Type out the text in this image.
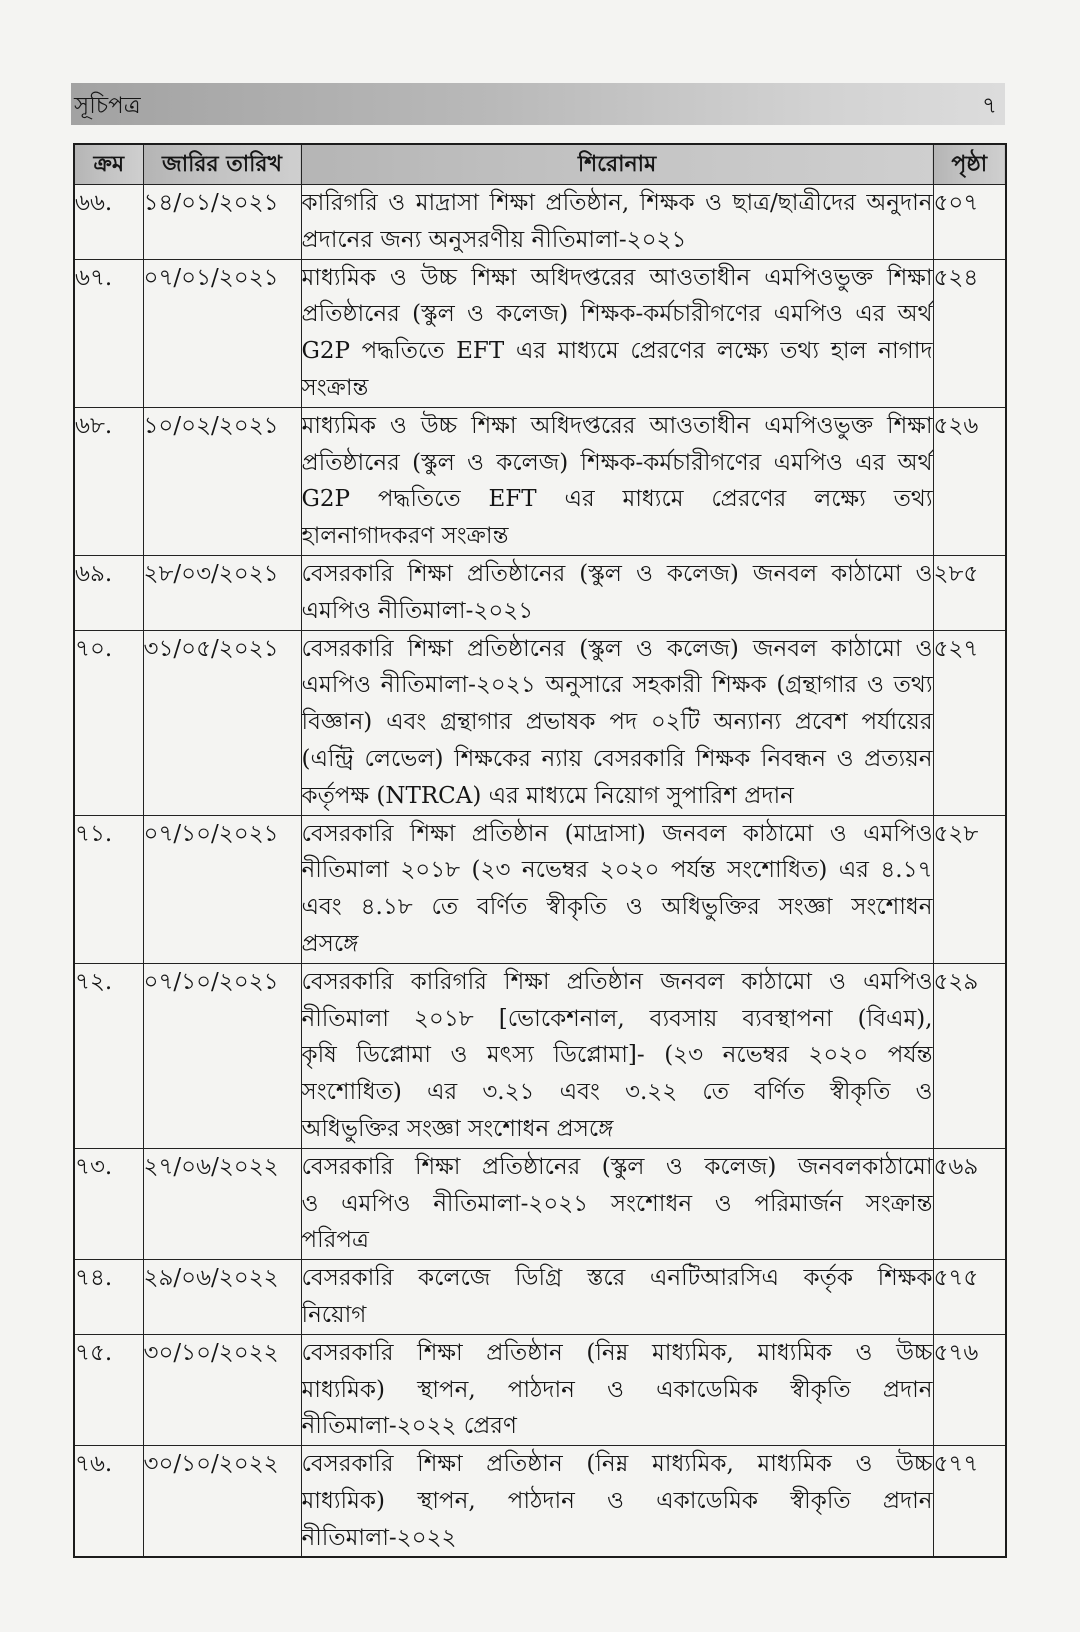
সূচিপত্র	৭
ক্রম	জারির তারিখ	শিরোনাম	পৃষ্ঠা
৬৬.	১৪/০১/২০২১	কারিগরি ও মাদ্রাসা শিক্ষা প্রতিষ্ঠান, শিক্ষক ও ছাত্র/ছাত্রীদের অনুদান
প্রদানের জন্য অনুসরণীয় নীতিমালা-২০২১	৫০৭
৬৭.	০৭/০১/২০২১	মাধ্যমিক ও উচ্চ শিক্ষা অধিদপ্তরের আওতাধীন এমপিওভুক্ত শিক্ষা
প্রতিষ্ঠানের (স্কুল ও কলেজ) শিক্ষক-কর্মচারীগণের এমপিও এর অর্থ
G2P পদ্ধতিতে EFT এর মাধ্যমে প্রেরণের লক্ষ্যে তথ্য হাল নাগাদ
সংক্রান্ত	৫২৪
৬৮.	১০/০২/২০২১	মাধ্যমিক ও উচ্চ শিক্ষা অধিদপ্তরের আওতাধীন এমপিওভুক্ত শিক্ষা
প্রতিষ্ঠানের (স্কুল ও কলেজ) শিক্ষক-কর্মচারীগণের এমপিও এর অর্থ
G2P পদ্ধতিতে EFT এর মাধ্যমে প্রেরণের লক্ষ্যে তথ্য
হালনাগাদকরণ সংক্রান্ত	৫২৬
৬৯.	২৮/০৩/২০২১	বেসরকারি শিক্ষা প্রতিষ্ঠানের (স্কুল ও কলেজ) জনবল কাঠামো ও
এমপিও নীতিমালা-২০২১	২৮৫
৭০.	৩১/০৫/২০২১	বেসরকারি শিক্ষা প্রতিষ্ঠানের (স্কুল ও কলেজ) জনবল কাঠামো ও
এমপিও নীতিমালা-২০২১ অনুসারে সহকারী শিক্ষক (গ্রন্থাগার ও তথ্য
বিজ্ঞান) এবং গ্রন্থাগার প্রভাষক পদ ০২টি অন্যান্য প্রবেশ পর্যায়ের
(এন্ট্রি লেভেল) শিক্ষকের ন্যায় বেসরকারি শিক্ষক নিবন্ধন ও প্রত্যয়ন
কর্তৃপক্ষ (NTRCA) এর মাধ্যমে নিয়োগ সুপারিশ প্রদান	৫২৭
৭১.	০৭/১০/২০২১	বেসরকারি শিক্ষা প্রতিষ্ঠান (মাদ্রাসা) জনবল কাঠামো ও এমপিও
নীতিমালা ২০১৮ (২৩ নভেম্বর ২০২০ পর্যন্ত সংশোধিত) এর ৪.১৭
এবং ৪.১৮ তে বর্ণিত স্বীকৃতি ও অধিভুক্তির সংজ্ঞা সংশোধন
প্রসঙ্গে	৫২৮
৭২.	০৭/১০/২০২১	বেসরকারি কারিগরি শিক্ষা প্রতিষ্ঠান জনবল কাঠামো ও এমপিও
নীতিমালা ২০১৮ [ভোকেশনাল, ব্যবসায় ব্যবস্থাপনা (বিএম),
কৃষি ডিপ্লোমা ও মৎস্য ডিপ্লোমা]- (২৩ নভেম্বর ২০২০ পর্যন্ত
সংশোধিত) এর ৩.২১ এবং ৩.২২ তে বর্ণিত স্বীকৃতি ও
অধিভুক্তির সংজ্ঞা সংশোধন প্রসঙ্গে	৫২৯
৭৩.	২৭/০৬/২০২২	বেসরকারি শিক্ষা প্রতিষ্ঠানের (স্কুল ও কলেজ) জনবলকাঠামো
ও এমপিও নীতিমালা-২০২১ সংশোধন ও পরিমার্জন সংক্রান্ত
পরিপত্র	৫৬৯
৭৪.	২৯/০৬/২০২২	বেসরকারি কলেজে ডিগ্রি স্তরে এনটিআরসিএ কর্তৃক শিক্ষক
নিয়োগ	৫৭৫
৭৫.	৩০/১০/২০২২	বেসরকারি শিক্ষা প্রতিষ্ঠান (নিম্ন মাধ্যমিক, মাধ্যমিক ও উচ্চ
মাধ্যমিক) স্থাপন, পাঠদান ও একাডেমিক স্বীকৃতি প্রদান
নীতিমালা-২০২২ প্রেরণ	৫৭৬
৭৬.	৩০/১০/২০২২	বেসরকারি শিক্ষা প্রতিষ্ঠান (নিম্ন মাধ্যমিক, মাধ্যমিক ও উচ্চ
মাধ্যমিক) স্থাপন, পাঠদান ও একাডেমিক স্বীকৃতি প্রদান
নীতিমালা-২০২২	৫৭৭
